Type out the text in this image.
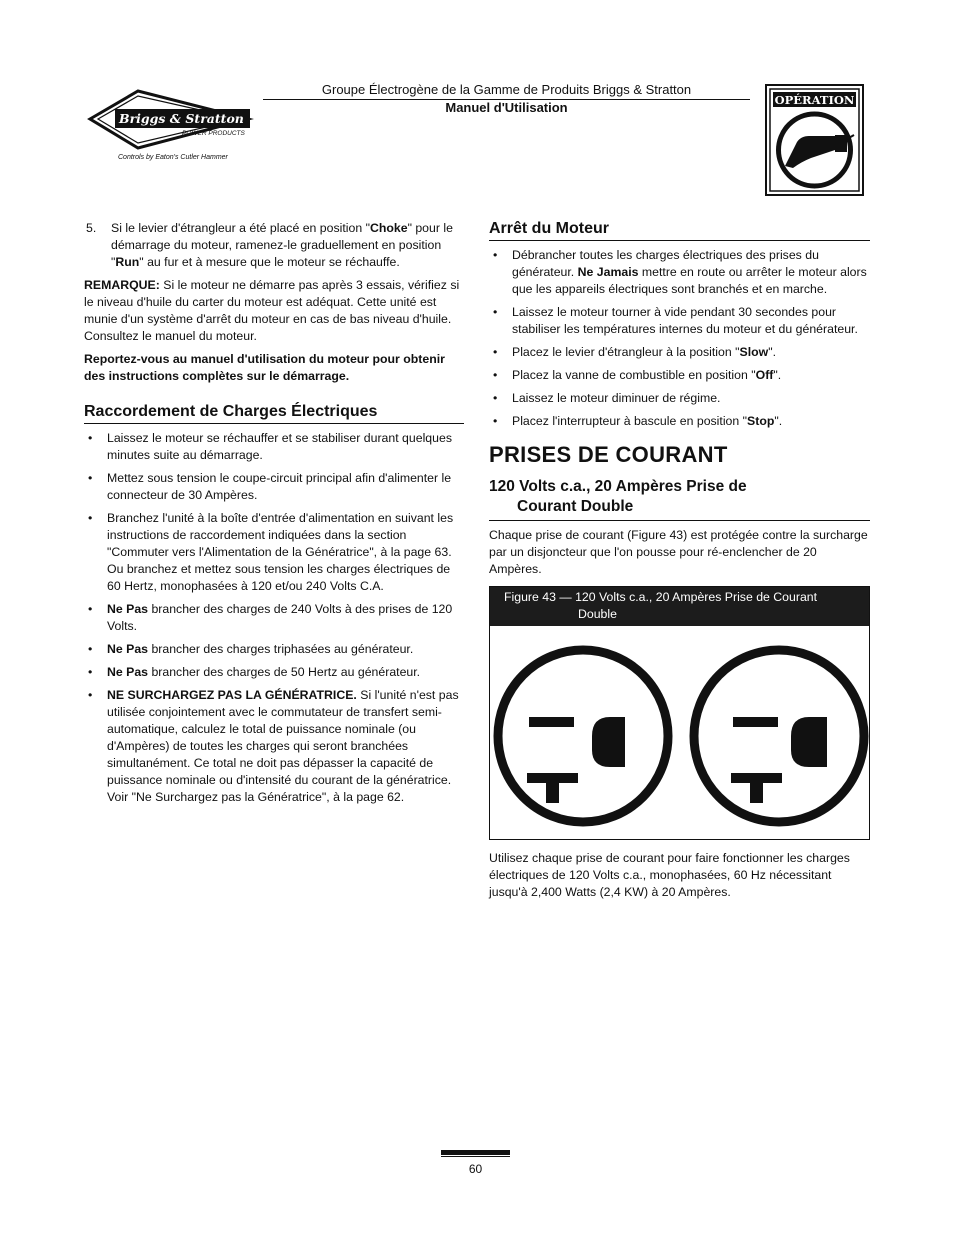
Briggs & Stratton
POWER PRODUCTS
Controls by Eaton's Cutler Hammer
Groupe Électrogène de la Gamme de Produits Briggs & Stratton
Manuel d'Utilisation	OPÉRATION
5. Si le levier d'étrangleur a été placé en position "Choke" pour le démarrage du moteur, ramenez-le graduellement en position "Run" au fur et à mesure que le moteur se réchauffe.

REMARQUE: Si le moteur ne démarre pas après 3 essais, vérifiez si le niveau d'huile du carter du moteur est adéquat. Cette unité est munie d'un système d'arrêt du moteur en cas de bas niveau d'huile. Consultez le manuel du moteur.

Reportez-vous au manuel d'utilisation du moteur pour obtenir des instructions complètes sur le démarrage.

Raccordement de Charges Électriques
• Laissez le moteur se réchauffer et se stabiliser durant quelques minutes suite au démarrage.
• Mettez sous tension le coupe-circuit principal afin d'alimenter le connecteur de 30 Ampères.
• Branchez l'unité à la boîte d'entrée d'alimentation en suivant les instructions de raccordement indiquées dans la section "Commuter vers l'Alimentation de la Génératrice", à la page 63. Ou branchez et mettez sous tension les charges électriques de 60 Hertz, monophasées à 120 et/ou 240 Volts C.A.
• Ne Pas brancher des charges de 240 Volts à des prises de 120 Volts.
• Ne Pas brancher des charges triphasées au générateur.
• Ne Pas brancher des charges de 50 Hertz au générateur.
• NE SURCHARGEZ PAS LA GÉNÉRATRICE. Si l'unité n'est pas utilisée conjointement avec le commutateur de transfert semi-automatique, calculez le total de puissance nominale (ou d'Ampères) de toutes les charges qui seront branchées simultanément. Ce total ne doit pas dépasser la capacité de puissance nominale ou d'intensité du courant de la génératrice. Voir "Ne Surchargez pas la Génératrice", à la page 62.
Arrêt du Moteur
• Débrancher toutes les charges électriques des prises du générateur. Ne Jamais mettre en route ou arrêter le moteur alors que les appareils électriques sont branchés et en marche.
• Laissez le moteur tourner à vide pendant 30 secondes pour stabiliser les températures internes du moteur et du générateur.
• Placez le levier d'étrangleur à la position "Slow".
• Placez la vanne de combustible en position "Off".
• Laissez le moteur diminuer de régime.
• Placez l'interrupteur à bascule en position "Stop".
PRISES DE COURANT
120 Volts c.a., 20 Ampères Prise de
Courant Double

Chaque prise de courant (Figure 43) est protégée contre la surcharge par un disjoncteur que l'on pousse pour ré-enclencher de 20 Ampères.

Figure 43 — 120 Volts c.a., 20 Ampères Prise de Courant
Double

Utilisez chaque prise de courant pour faire fonctionner les charges électriques de 120 Volts c.a., monophasées, 60 Hz nécessitant jusqu'à 2,400 Watts (2,4 KW) à 20 Ampères.

60
